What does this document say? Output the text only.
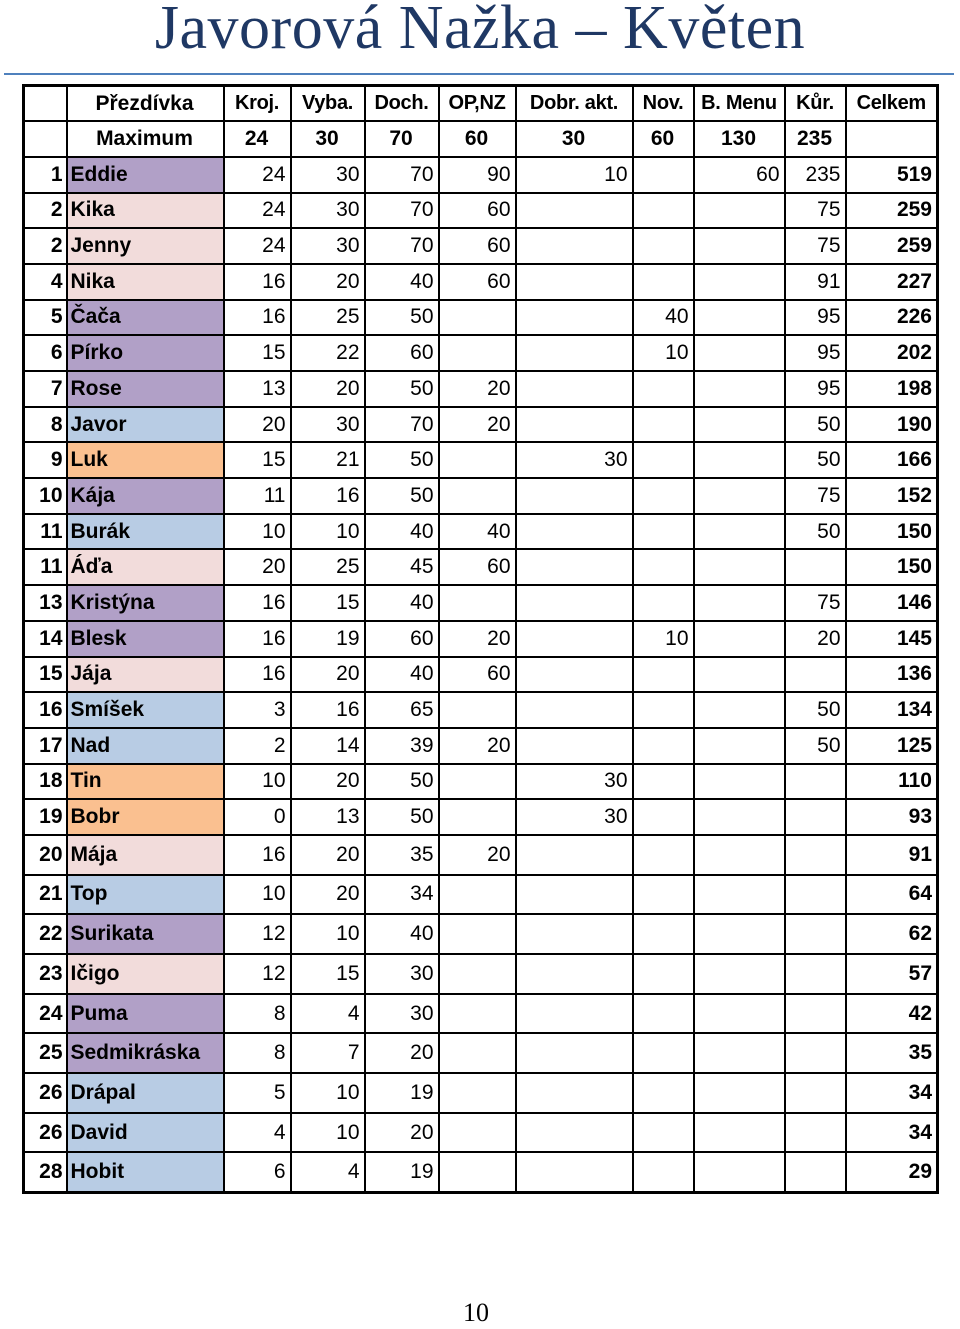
Javorová Nažka – Květen
	Přezdívka	Kroj.	Vyba.	Doch.	OP,NZ	Dobr. akt.	Nov.	B. Menu	Kůr.	Celkem
	Maximum	24	30	70	60	30	60	130	235	
1	Eddie	24	30	70	90	10		60	235	519
2	Kika	24	30	70	60				75	259
2	Jenny	24	30	70	60				75	259
4	Nika	16	20	40	60				91	227
5	Čača	16	25	50			40		95	226
6	Pírko	15	22	60			10		95	202
7	Rose	13	20	50	20				95	198
8	Javor	20	30	70	20				50	190
9	Luk	15	21	50		30			50	166
10	Kája	11	16	50					75	152
11	Burák	10	10	40	40				50	150
11	Áďa	20	25	45	60					150
13	Kristýna	16	15	40					75	146
14	Blesk	16	19	60	20		10		20	145
15	Jája	16	20	40	60					136
16	Smíšek	3	16	65					50	134
17	Nad	2	14	39	20				50	125
18	Tin	10	20	50		30				110
19	Bobr	0	13	50		30				93
20	Mája	16	20	35	20					91
21	Top	10	20	34						64
22	Surikata	12	10	40						62
23	Ičigo	12	15	30						57
24	Puma	8	4	30						42
25	Sedmikráska	8	7	20						35
26	Drápal	5	10	19						34
26	David	4	10	20						34
28	Hobit	6	4	19						29
10
